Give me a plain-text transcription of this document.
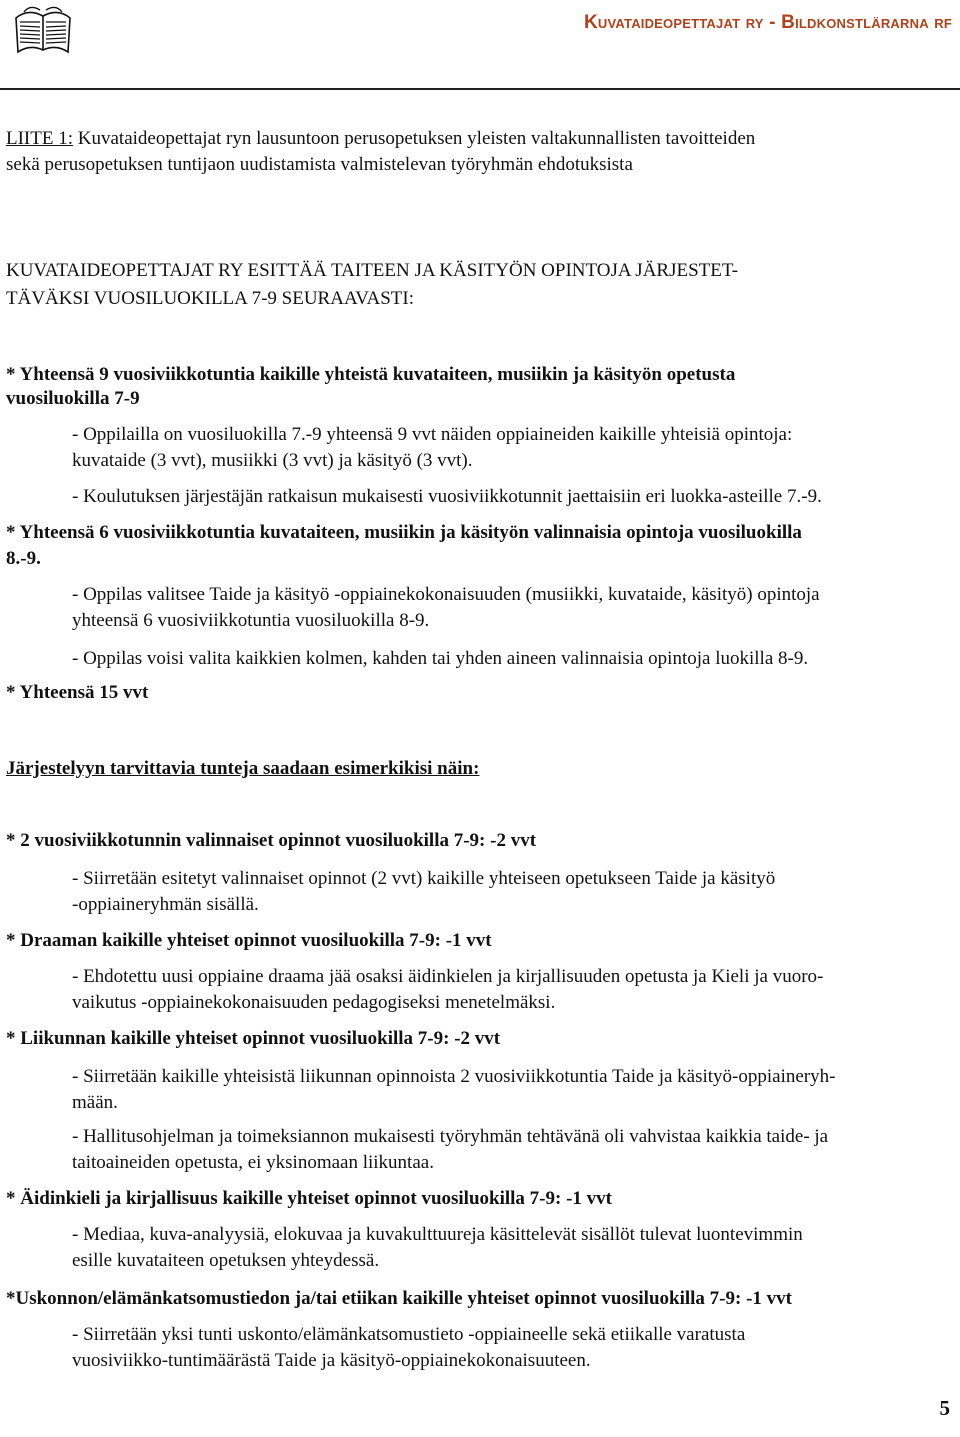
Kuvataideopettajat ry - Bildkonstlärarna rf
LIITE 1: Kuvataideopettajat ryn lausuntoon perusopetuksen yleisten valtakunnallisten tavoitteiden
sekä perusopetuksen tuntijaon uudistamista valmistelevan työryhmän ehdotuksista
KUVATAIDEOPETTAJAT RY ESITTÄÄ TAITEEN JA KÄSITYÖN OPINTOJA JÄRJESTET-
TÄVÄKSI VUOSILUOKILLA 7-9 SEURAAVASTI:
* Yhteensä 9 vuosiviikkotuntia kaikille yhteistä kuvataiteen, musiikin ja käsityön opetusta
vuosiluokilla 7-9
- Oppilailla on vuosiluokilla 7.-9 yhteensä 9 vvt näiden oppiaineiden kaikille yhteisiä opintoja:
kuvataide (3 vvt), musiikki (3 vvt) ja käsityö (3 vvt).
- Koulutuksen järjestäjän ratkaisun mukaisesti vuosiviikkotunnit jaettaisiin eri luokka-asteille 7.-9.
* Yhteensä 6 vuosiviikkotuntia kuvataiteen, musiikin ja käsityön valinnaisia opintoja vuosiluokilla
8.-9.
- Oppilas valitsee Taide ja käsityö -oppiainekokonaisuuden (musiikki, kuvataide, käsityö) opintoja
yhteensä 6 vuosiviikkotuntia vuosiluokilla 8-9.
- Oppilas voisi valita kaikkien kolmen, kahden tai yhden aineen valinnaisia opintoja luokilla 8-9.
* Yhteensä 15 vvt
Järjestelyyn tarvittavia tunteja saadaan esimerkikisi näin:
* 2 vuosiviikkotunnin valinnaiset opinnot vuosiluokilla 7-9: -2 vvt
- Siirretään esitetyt valinnaiset opinnot (2 vvt) kaikille yhteiseen opetukseen Taide ja käsityö
-oppiaineryhmän sisällä.
* Draaman kaikille yhteiset opinnot vuosiluokilla 7-9: -1 vvt
- Ehdotettu uusi oppiaine draama jää osaksi äidinkielen ja kirjallisuuden opetusta ja Kieli ja vuoro-
vaikutus -oppiainekokonaisuuden pedagogiseksi menetelmäksi.
* Liikunnan kaikille yhteiset opinnot vuosiluokilla 7-9: -2 vvt
- Siirretään kaikille yhteisistä liikunnan opinnoista 2 vuosiviikkotuntia Taide ja käsityö-oppiaineryh-
mään.
- Hallitusohjelman ja toimeksiannon mukaisesti työryhmän tehtävänä oli vahvistaa kaikkia taide- ja
taitoaineiden opetusta, ei yksinomaan liikuntaa.
* Äidinkieli ja kirjallisuus kaikille yhteiset opinnot vuosiluokilla 7-9: -1 vvt
- Mediaa, kuva-analyysiä, elokuvaa ja kuvakulttuureja käsittelevät sisällöt tulevat luontevimmin
esille kuvataiteen opetuksen yhteydessä.
*Uskonnon/elämänkatsomustiedon ja/tai etiikan kaikille yhteiset opinnot vuosiluokilla 7-9: -1 vvt
- Siirretään yksi tunti uskonto/elämänkatsomustieto -oppiaineelle sekä etiikalle varatusta
vuosiviikko-tuntimäärästä Taide ja käsityö-oppiainekokonaisuuteen.
5
